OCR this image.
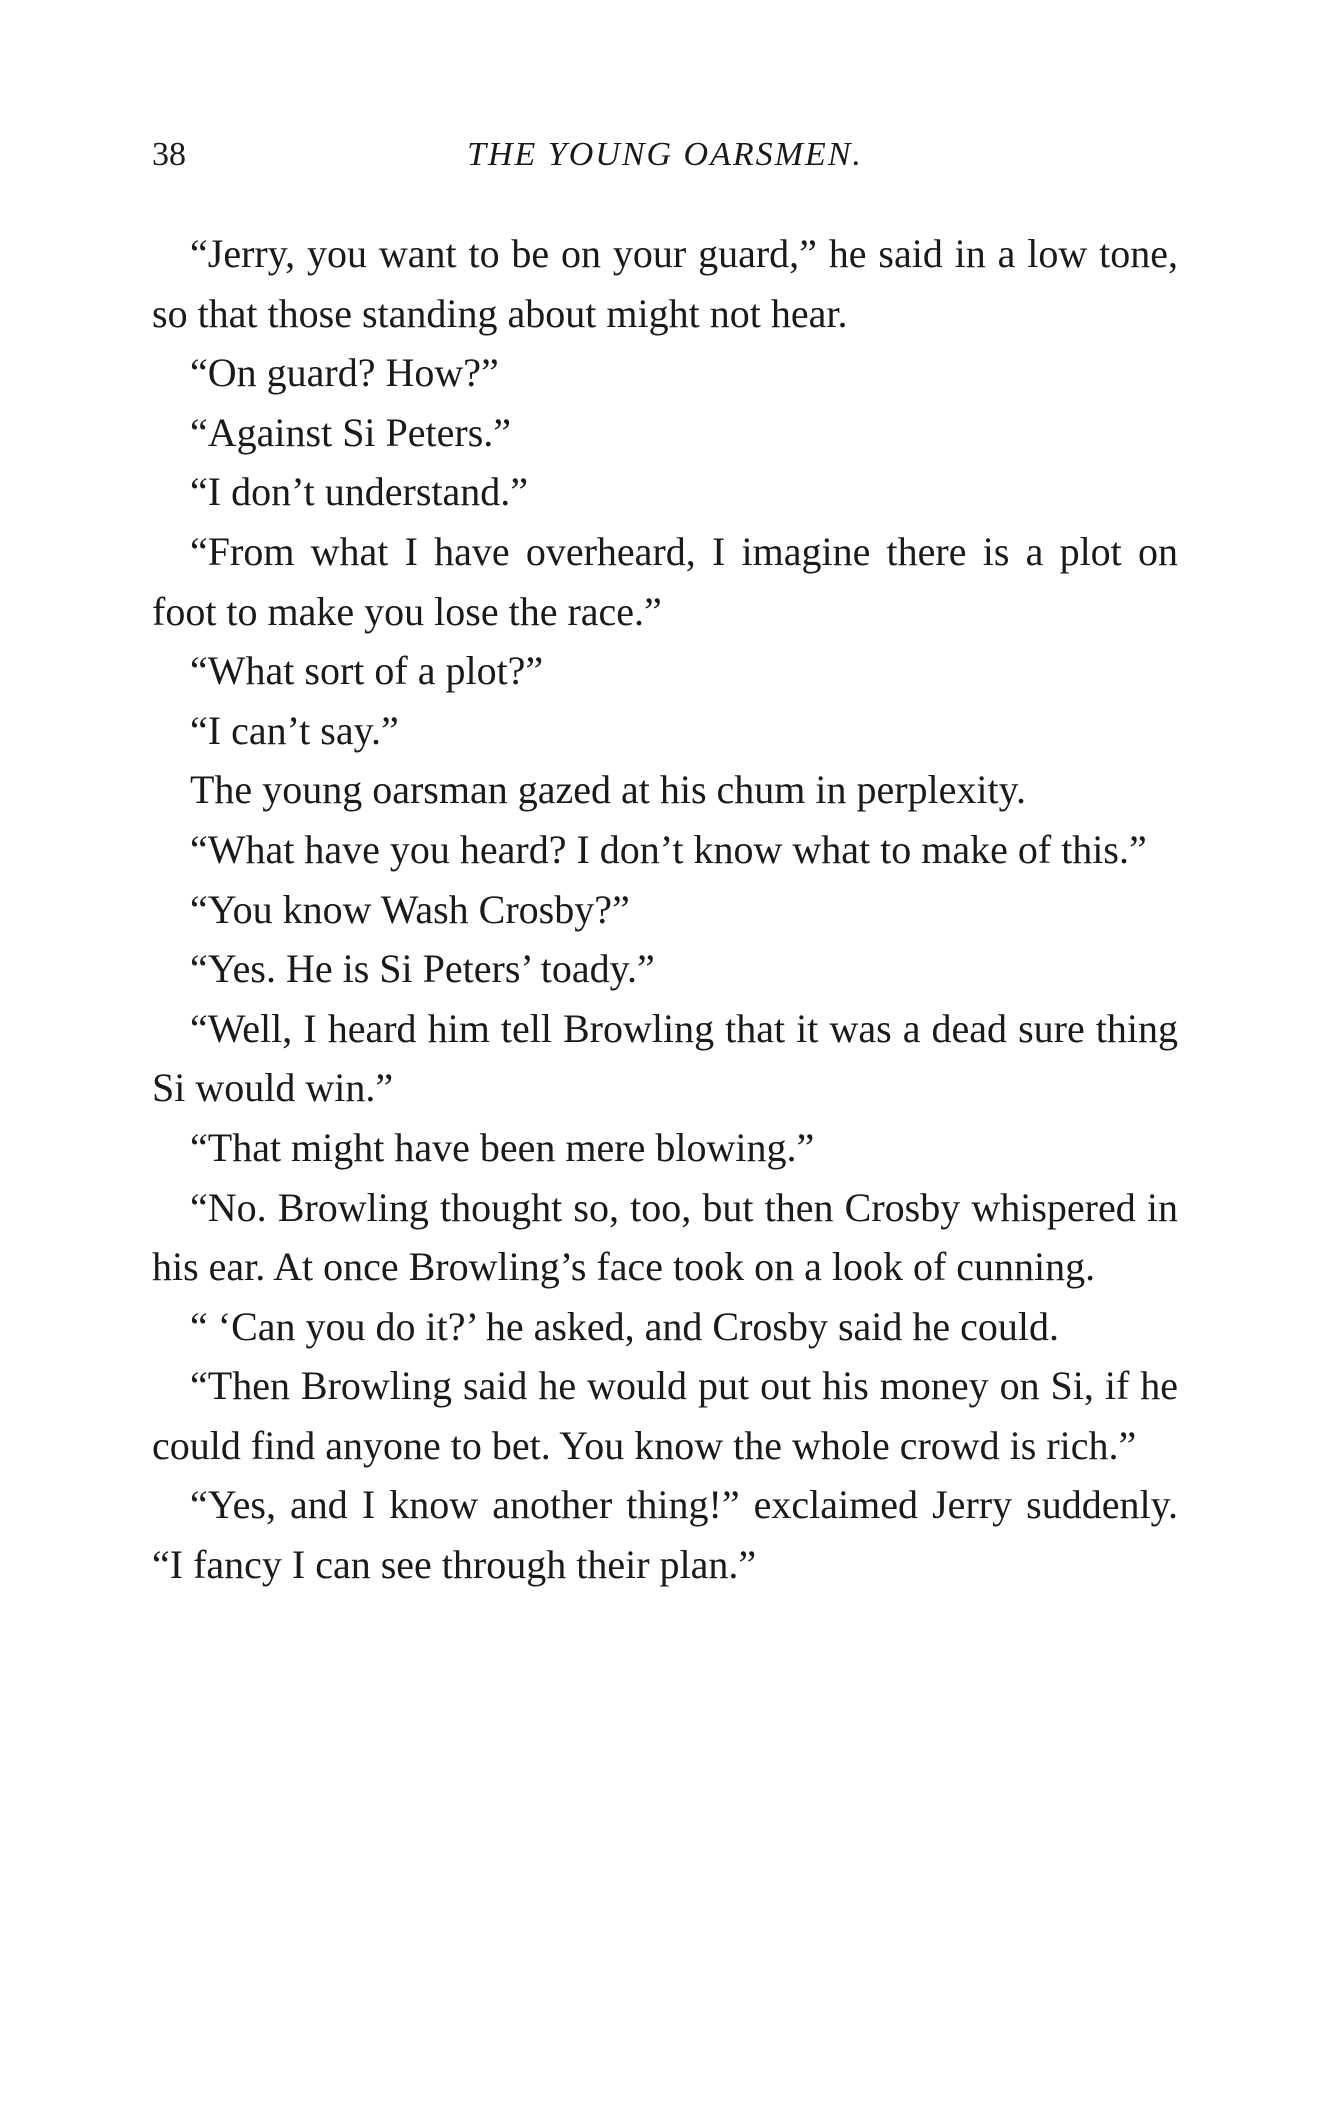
38	THE YOUNG OARSMEN.

“Jerry, you want to be on your guard,” he said in a low tone, so that those standing about might not hear.

“On guard? How?”

“Against Si Peters.”

“I don’t understand.”

“From what I have overheard, I imagine there is a plot on foot to make you lose the race.”

“What sort of a plot?”

“I can’t say.”

The young oarsman gazed at his chum in perplexity.

“What have you heard? I don’t know what to make of this.”

“You know Wash Crosby?”

“Yes. He is Si Peters’ toady.”

“Well, I heard him tell Browling that it was a dead sure thing Si would win.”

“That might have been mere blowing.”

“No. Browling thought so, too, but then Crosby whispered in his ear. At once Browling’s face took on a look of cunning.

“ ‘Can you do it?’ he asked, and Crosby said he could.

“Then Browling said he would put out his money on Si, if he could find anyone to bet. You know the whole crowd is rich.”

“Yes, and I know another thing!” exclaimed Jerry suddenly. “I fancy I can see through their plan.”
